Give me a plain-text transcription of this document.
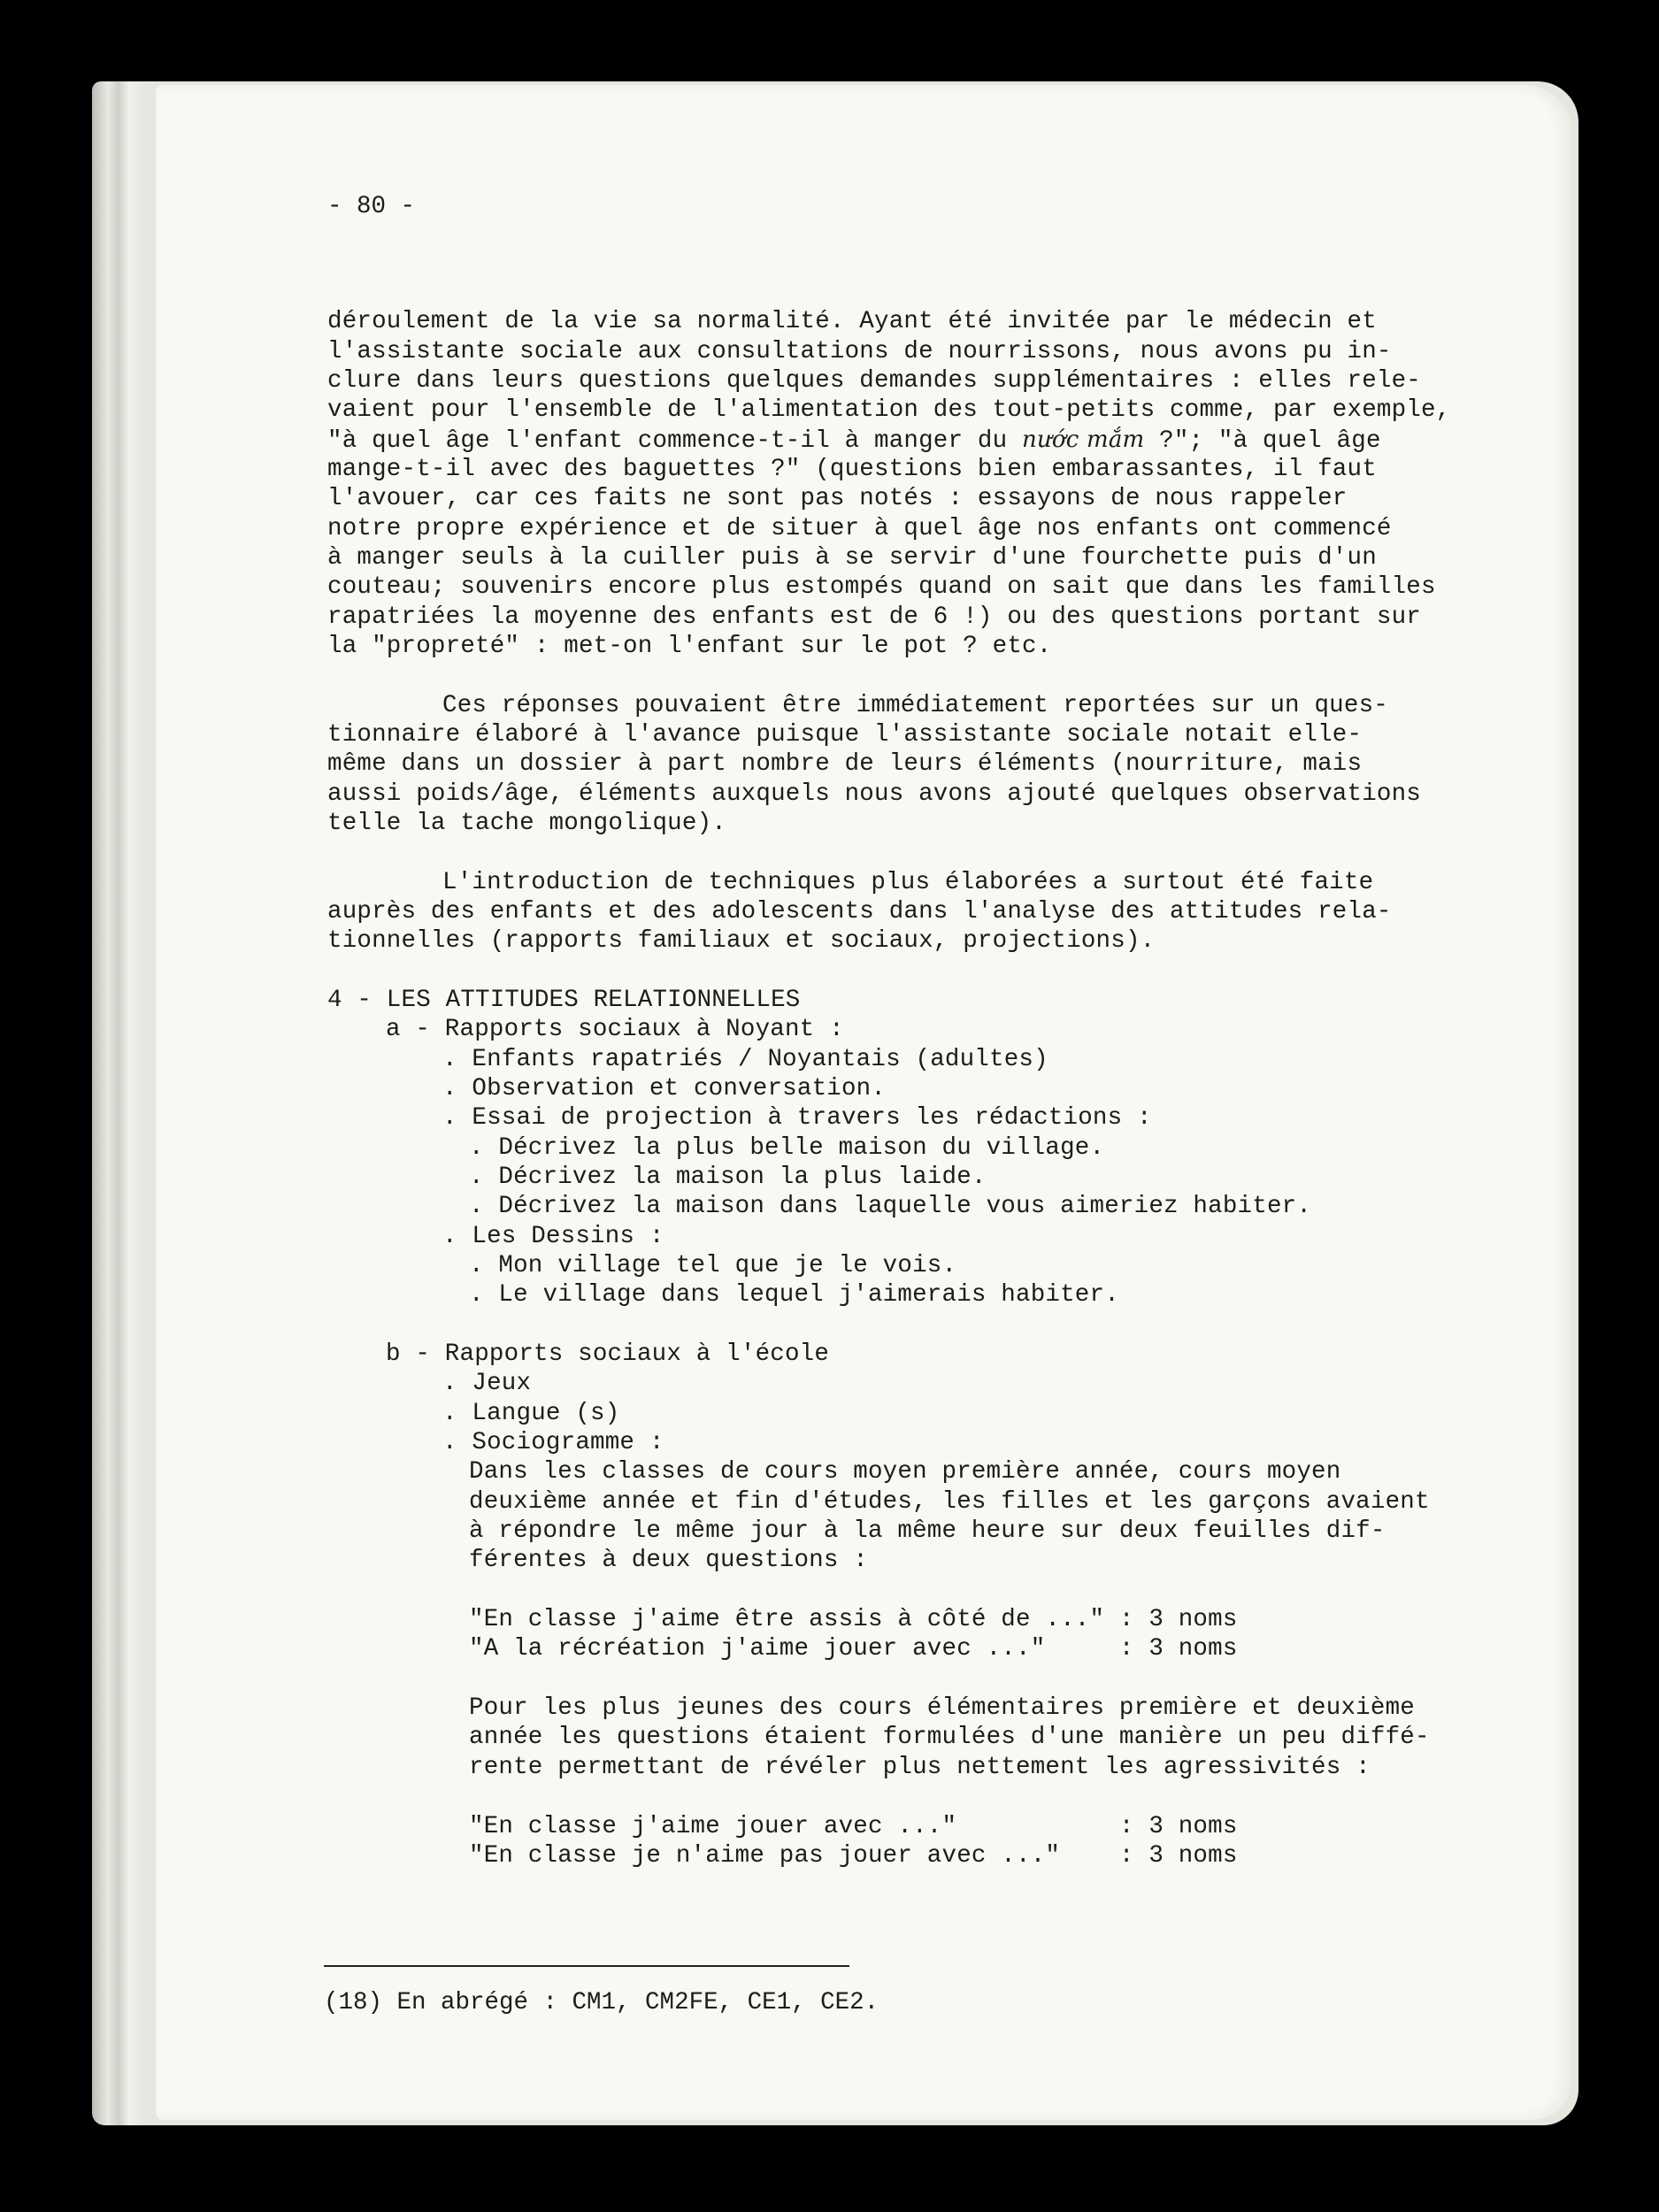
- 80 -
déroulement de la vie sa normalité. Ayant été invitée par le médecin et
l'assistante sociale aux consultations de nourrissons, nous avons pu in-
clure dans leurs questions quelques demandes supplémentaires : elles rele-
vaient pour l'ensemble de l'alimentation des tout-petits comme, par exemple,
"à quel âge l'enfant commence-t-il à manger du nước mắm ?"; "à quel âge
mange-t-il avec des baguettes ?" (questions bien embarassantes, il faut
l'avouer, car ces faits ne sont pas notés : essayons de nous rappeler
notre propre expérience et de situer à quel âge nos enfants ont commencé
à manger seuls à la cuiller puis à se servir d'une fourchette puis d'un
couteau; souvenirs encore plus estompés quand on sait que dans les familles
rapatriées la moyenne des enfants est de 6 !) ou des questions portant sur
la "propreté" : met-on l'enfant sur le pot ? etc.
Ces réponses pouvaient être immédiatement reportées sur un ques-
tionnaire élaboré à l'avance puisque l'assistante sociale notait elle-
même dans un dossier à part nombre de leurs éléments (nourriture, mais
aussi poids/âge, éléments auxquels nous avons ajouté quelques observations
telle la tache mongolique).
L'introduction de techniques plus élaborées a surtout été faite
auprès des enfants et des adolescents dans l'analyse des attitudes rela-
tionnelles (rapports familiaux et sociaux, projections).
4 - LES ATTITUDES RELATIONNELLES
a - Rapports sociaux à Noyant :
. Enfants rapatriés / Noyantais (adultes)
. Observation et conversation.
. Essai de projection à travers les rédactions :
. Décrivez la plus belle maison du village.
. Décrivez la maison la plus laide.
. Décrivez la maison dans laquelle vous aimeriez habiter.
. Les Dessins :
. Mon village tel que je le vois.
. Le village dans lequel j'aimerais habiter.
b - Rapports sociaux à l'école
. Jeux
. Langue (s)
. Sociogramme :
Dans les classes de cours moyen première année, cours moyen
deuxième année et fin d'études, les filles et les garçons avaient
à répondre le même jour à la même heure sur deux feuilles dif-
férentes à deux questions :
"En classe j'aime être assis à côté de ..." : 3 noms
"A la récréation j'aime jouer avec ..."     : 3 noms
Pour les plus jeunes des cours élémentaires première et deuxième
année les questions étaient formulées d'une manière un peu diffé-
rente permettant de révéler plus nettement les agressivités :
"En classe j'aime jouer avec ..."           : 3 noms
"En classe je n'aime pas jouer avec ..."    : 3 noms
(18) En abrégé : CM1, CM2FE, CE1, CE2.
